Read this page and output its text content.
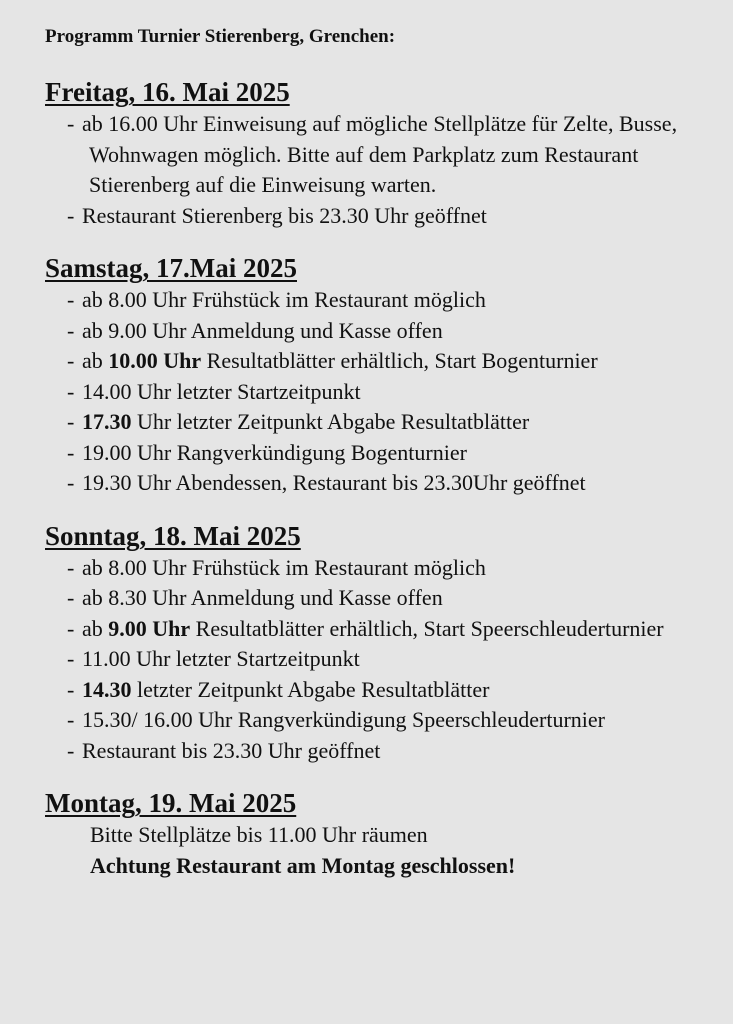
Programm Turnier Stierenberg, Grenchen:
Freitag, 16. Mai 2025
- ab 16.00 Uhr Einweisung auf mögliche Stellplätze für Zelte, Busse, Wohnwagen möglich. Bitte auf dem Parkplatz zum Restaurant Stierenberg auf die Einweisung warten.
- Restaurant Stierenberg bis 23.30 Uhr geöffnet
Samstag, 17.Mai 2025
- ab 8.00 Uhr Frühstück im Restaurant möglich
- ab 9.00 Uhr Anmeldung und Kasse offen
- ab 10.00 Uhr Resultatblätter erhältlich, Start Bogenturnier
- 14.00 Uhr letzter Startzeitpunkt
- 17.30 Uhr letzter Zeitpunkt Abgabe Resultatblätter
- 19.00 Uhr Rangverkündigung Bogenturnier
- 19.30 Uhr Abendessen, Restaurant bis 23.30Uhr geöffnet
Sonntag, 18. Mai 2025
- ab 8.00 Uhr Frühstück im Restaurant möglich
- ab 8.30 Uhr Anmeldung und Kasse offen
- ab 9.00 Uhr Resultatblätter erhältlich, Start Speerschleuderturnier
- 11.00 Uhr letzter Startzeitpunkt
- 14.30 letzter Zeitpunkt Abgabe Resultatblätter
- 15.30/ 16.00 Uhr Rangverkündigung Speerschleuderturnier
- Restaurant bis 23.30 Uhr geöffnet
Montag, 19. Mai 2025
Bitte Stellplätze bis 11.00 Uhr räumen
Achtung Restaurant am Montag geschlossen!
